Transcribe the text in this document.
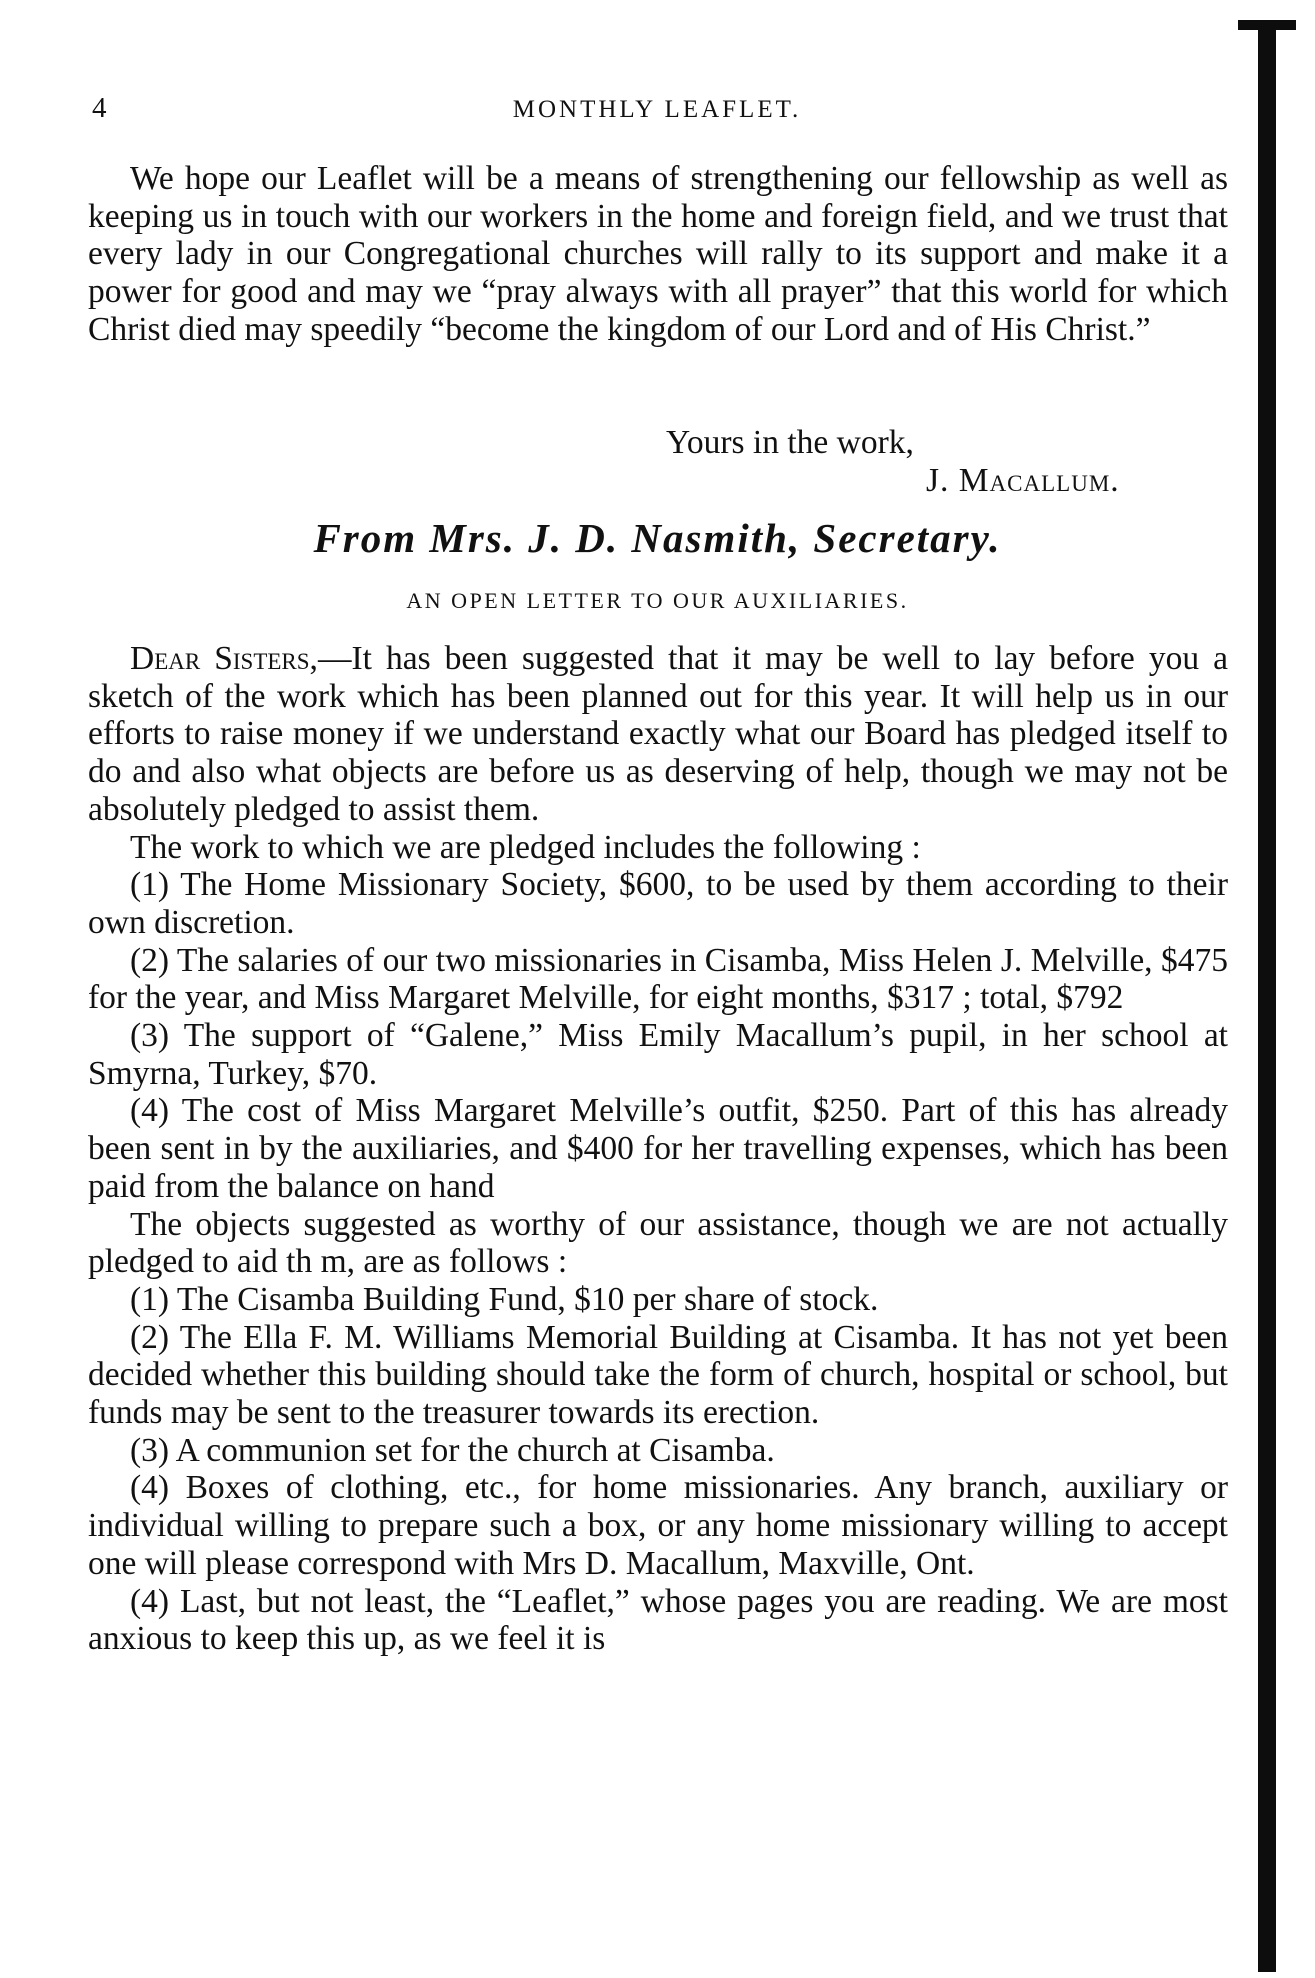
4	MONTHLY LEAFLET.

We hope our Leaflet will be a means of strengthening our fellowship as well as keeping us in touch with our workers in the home and foreign field, and we trust that every lady in our Congregational churches will rally to its support and make it a power for good and may we “pray always with all prayer” that this world for which Christ died may speedily “become the kingdom of our Lord and of His Christ.”

Yours in the work,
J. Macallum.
From Mrs. J. D. Nasmith, Secretary.
AN OPEN LETTER TO OUR AUXILIARIES.

Dear Sisters,—It has been suggested that it may be well to lay before you a sketch of the work which has been planned out for this year. It will help us in our efforts to raise money if we understand exactly what our Board has pledged itself to do and also what objects are before us as deserving of help, though we may not be absolutely pledged to assist them.

The work to which we are pledged includes the following :

(1) The Home Missionary Society, $600, to be used by them according to their own discretion.

(2) The salaries of our two missionaries in Cisamba, Miss Helen J. Melville, $475 for the year, and Miss Margaret Melville, for eight months, $317 ; total, $792

(3) The support of “Galene,” Miss Emily Macallum’s pupil, in her school at Smyrna, Turkey, $70.

(4) The cost of Miss Margaret Melville’s outfit, $250. Part of this has already been sent in by the auxiliaries, and $400 for her travelling expenses, which has been paid from the balance on hand

The objects suggested as worthy of our assistance, though we are not actually pledged to aid th m, are as follows :

(1) The Cisamba Building Fund, $10 per share of stock.

(2) The Ella F. M. Williams Memorial Building at Cisamba. It has not yet been decided whether this building should take the form of church, hospital or school, but funds may be sent to the treasurer towards its erection.

(3) A communion set for the church at Cisamba.

(4) Boxes of clothing, etc., for home missionaries. Any branch, auxiliary or individual willing to prepare such a box, or any home missionary willing to accept one will please correspond with Mrs D. Macallum, Maxville, Ont.

(4) Last, but not least, the “Leaflet,” whose pages you are reading. We are most anxious to keep this up, as we feel it is
